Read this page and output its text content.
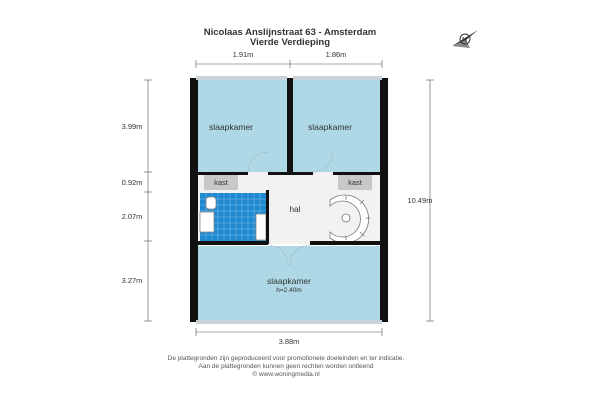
Nicolaas Anslijnstraat 63 - Amsterdam
Vierde Verdieping	N
1.91m	1.86m
3.99m
0.92m
2.07m
3.27m
10.49m
3.88m
slaapkamer	slaapkamer
kast	kast
hal
slaapkamer
h=2.40m
De plattegronden zijn geproduceerd voor promotionele doeleinden en ter indicatie.
Aan de plattegronden kunnen geen rechten worden ontleend
© www.woningmedia.nl
